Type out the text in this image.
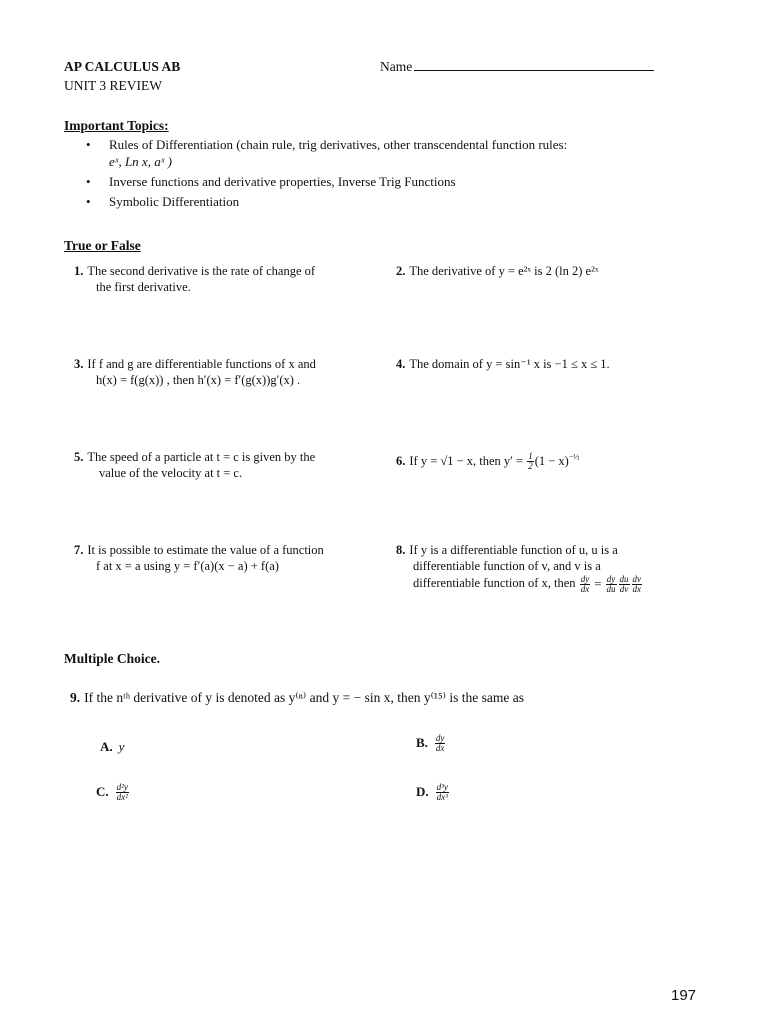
AP CALCULUS AB
UNIT 3 REVIEW
Name
Important Topics:
• Rules of Differentiation (chain rule, trig derivatives, other transcendental function rules:
eˣ, Ln x, aˣ )
• Inverse functions and derivative properties, Inverse Trig Functions
• Symbolic Differentiation
True or False
1. The second derivative is the rate of change of
the first derivative.
2. The derivative of y = e²ˣ is 2 (ln 2) e²ˣ
3. If f and g are differentiable functions of x and
h(x) = f(g(x)) , then h′(x) = f′(g(x))g′(x) .
4. The domain of y = sin⁻¹ x is −1 ≤ x ≤ 1.
5. The speed of a particle at t = c is given by the
value of the velocity at t = c.
6. If y = √1 − x, then $y' = \frac{1}{2} (1 - x)^{-\frac{1}{2}}$
7. It is possible to estimate the value of a function
f at x = a using y = f′(a)(x − a) + f(a)
8. If y is a differentiable function of u, u is a
differentiable function of v, and v is a
differentiable function of x, then $\frac{dy}{dx} = \frac{dy}{du} \frac{du}{dv} \frac{dv}{dx}$
Multiple Choice.
9. If the nᵗʰ derivative of y is denoted as y⁽ⁿ⁾ and y = − sin x, then y⁽¹⁵⁾ is the same as
A. y	B. $\frac{dy}{dx}$
C. $\frac{\text{d²y}}{\text{dx²}}$	D. $\frac{\text{d³y}}{\text{dx³}}$
197
